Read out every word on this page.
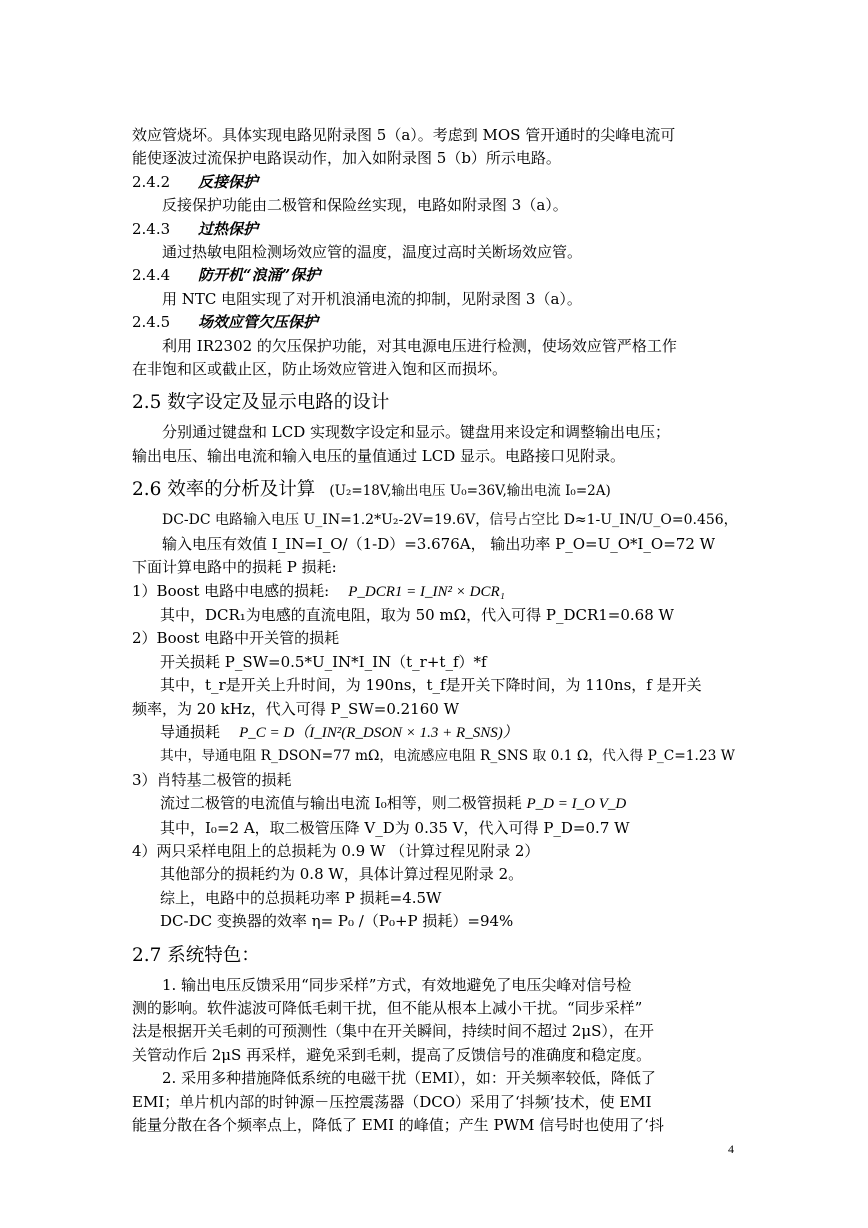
效应管烧坏。具体实现电路见附录图 5（a）。考虑到 MOS 管开通时的尖峰电流可

能使逐波过流保护电路误动作，加入如附录图 5（b）所示电路。

2.4.2 反接保护

反接保护功能由二极管和保险丝实现，电路如附录图 3（a）。

2.4.3 过热保护

通过热敏电阻检测场效应管的温度，温度过高时关断场效应管。

2.4.4 防开机“浪涌”保护

用 NTC 电阻实现了对开机浪涌电流的抑制，见附录图 3（a）。

2.4.5 场效应管欠压保护

利用 IR2302 的欠压保护功能，对其电源电压进行检测，使场效应管严格工作

在非饱和区或截止区，防止场效应管进入饱和区而损坏。

2.5 数字设定及显示电路的设计

分别通过键盘和 LCD 实现数字设定和显示。键盘用来设定和调整输出电压；

输出电压、输出电流和输入电压的量值通过 LCD 显示。电路接口见附录。

2.6 效率的分析及计算 (U₂=18V,输出电压 U₀=36V,输出电流 I₀=2A)

DC-DC 电路输入电压 U_IN=1.2*U₂-2V=19.6V，信号占空比 D≈1-U_IN/U_O=0.456，

输入电压有效值 I_IN=I_O/（1-D）=3.676A， 输出功率 P_O=U_O*I_O=72 W

下面计算电路中的损耗 P 损耗:

1）Boost 电路中电感的损耗: P_DCR1 = I_IN² × DCR₁

其中，DCR₁为电感的直流电阻，取为 50 mΩ，代入可得 P_DCR1=0.68 W

2）Boost 电路中开关管的损耗

开关损耗 P_SW=0.5*U_IN*I_IN（t_r+t_f）*f

其中，t_r是开关上升时间，为 190ns，t_f是开关下降时间，为 110ns，f 是开关

频率，为 20 kHz，代入可得 P_SW=0.2160 W

导通损耗 P_C = D（I_IN²(R_DSON × 1.3 + R_SNS)）

其中，导通电阻 R_DSON=77 mΩ，电流感应电阻 R_SNS 取 0.1 Ω，代入得 P_C=1.23 W

3）肖特基二极管的损耗

流过二极管的电流值与输出电流 I₀相等，则二极管损耗 P_D = I_O V_D

其中，I₀=2 A，取二极管压降 V_D为 0.35 V，代入可得 P_D=0.7 W

4）两只采样电阻上的总损耗为 0.9 W （计算过程见附录 2）

其他部分的损耗约为 0.8 W，具体计算过程见附录 2。

综上，电路中的总损耗功率 P 损耗=4.5W

DC-DC 变换器的效率 η= P₀ /（P₀+P 损耗）=94%

2.7 系统特色：

1. 输出电压反馈采用“同步采样”方式，有效地避免了电压尖峰对信号检

测的影响。软件滤波可降低毛刺干扰，但不能从根本上减小干扰。“同步采样”

法是根据开关毛刺的可预测性（集中在开关瞬间，持续时间不超过 2μS），在开

关管动作后 2μS 再采样，避免采到毛刺，提高了反馈信号的准确度和稳定度。

2. 采用多种措施降低系统的电磁干扰（EMI），如：开关频率较低，降低了

EMI；单片机内部的时钟源－压控震荡器（DCO）采用了‘抖频’技术，使 EMI

能量分散在各个频率点上，降低了 EMI 的峰值；产生 PWM 信号时也使用了‘抖

4
